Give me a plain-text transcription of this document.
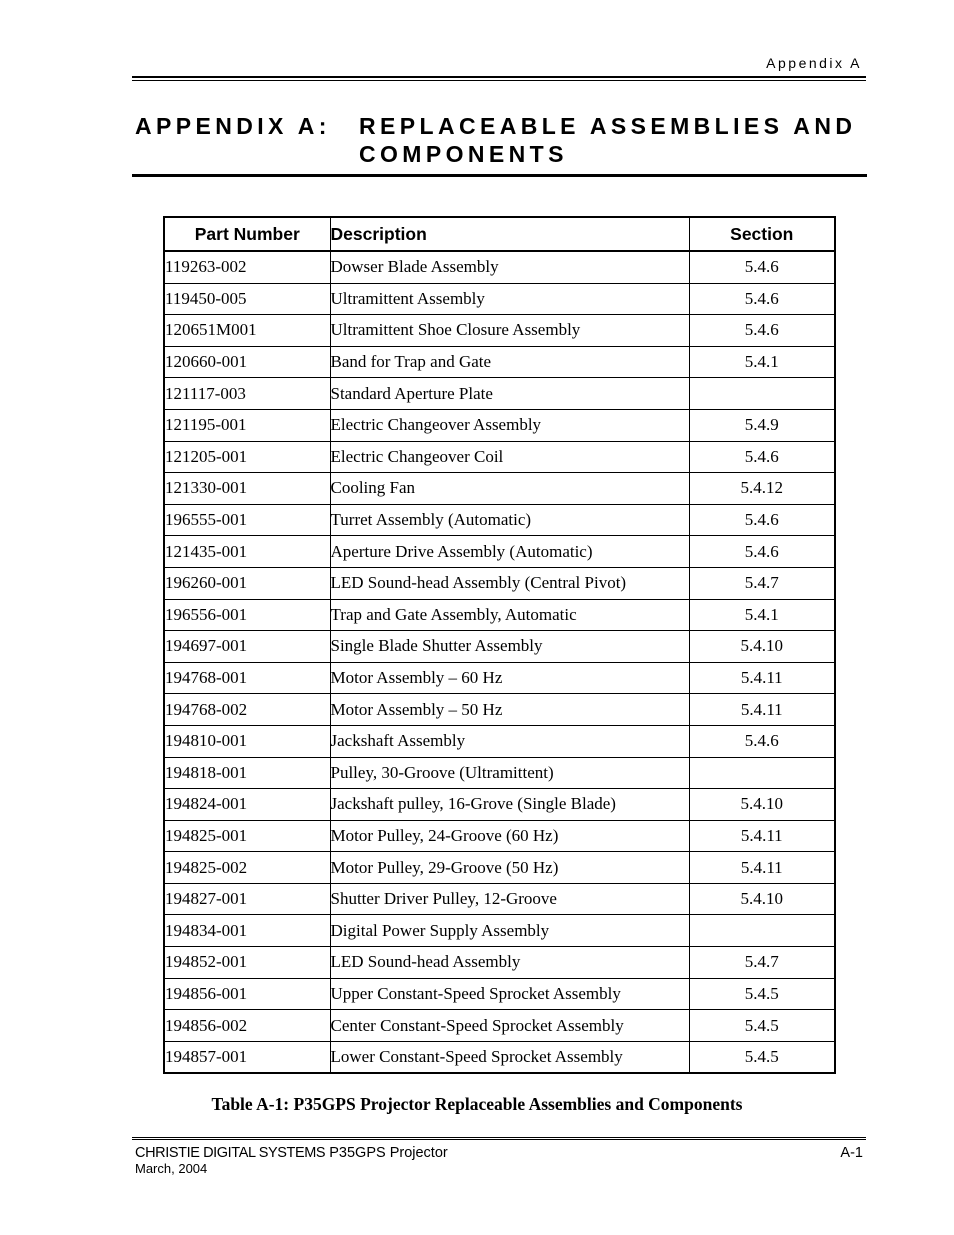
Appendix A
APPENDIX A:	REPLACEABLE ASSEMBLIES AND COMPONENTS
Part Number	Description	Section
119263-002	Dowser Blade Assembly	5.4.6
119450-005	Ultramittent Assembly	5.4.6
120651M001	Ultramittent Shoe Closure Assembly	5.4.6
120660-001	Band for Trap and Gate	5.4.1
121117-003	Standard Aperture Plate	
121195-001	Electric Changeover Assembly	5.4.9
121205-001	Electric Changeover Coil	5.4.6
121330-001	Cooling Fan	5.4.12
196555-001	Turret Assembly (Automatic)	5.4.6
121435-001	Aperture Drive Assembly (Automatic)	5.4.6
196260-001	LED Sound-head Assembly (Central Pivot)	5.4.7
196556-001	Trap and Gate Assembly, Automatic	5.4.1
194697-001	Single Blade Shutter Assembly	5.4.10
194768-001	Motor Assembly – 60 Hz	5.4.11
194768-002	Motor Assembly – 50 Hz	5.4.11
194810-001	Jackshaft Assembly	5.4.6
194818-001	Pulley, 30-Groove (Ultramittent)	
194824-001	Jackshaft pulley, 16-Grove (Single Blade)	5.4.10
194825-001	Motor Pulley, 24-Groove (60 Hz)	5.4.11
194825-002	Motor Pulley, 29-Groove (50 Hz)	5.4.11
194827-001	Shutter Driver Pulley, 12-Groove	5.4.10
194834-001	Digital Power Supply Assembly	
194852-001	LED Sound-head Assembly	5.4.7
194856-001	Upper Constant-Speed Sprocket Assembly	5.4.5
194856-002	Center Constant-Speed Sprocket Assembly	5.4.5
194857-001	Lower Constant-Speed Sprocket Assembly	5.4.5
Table A-1: P35GPS Projector Replaceable Assemblies and Components
CHRISTIE DIGITAL SYSTEMS P35GPS Projector
March, 2004
A-1
